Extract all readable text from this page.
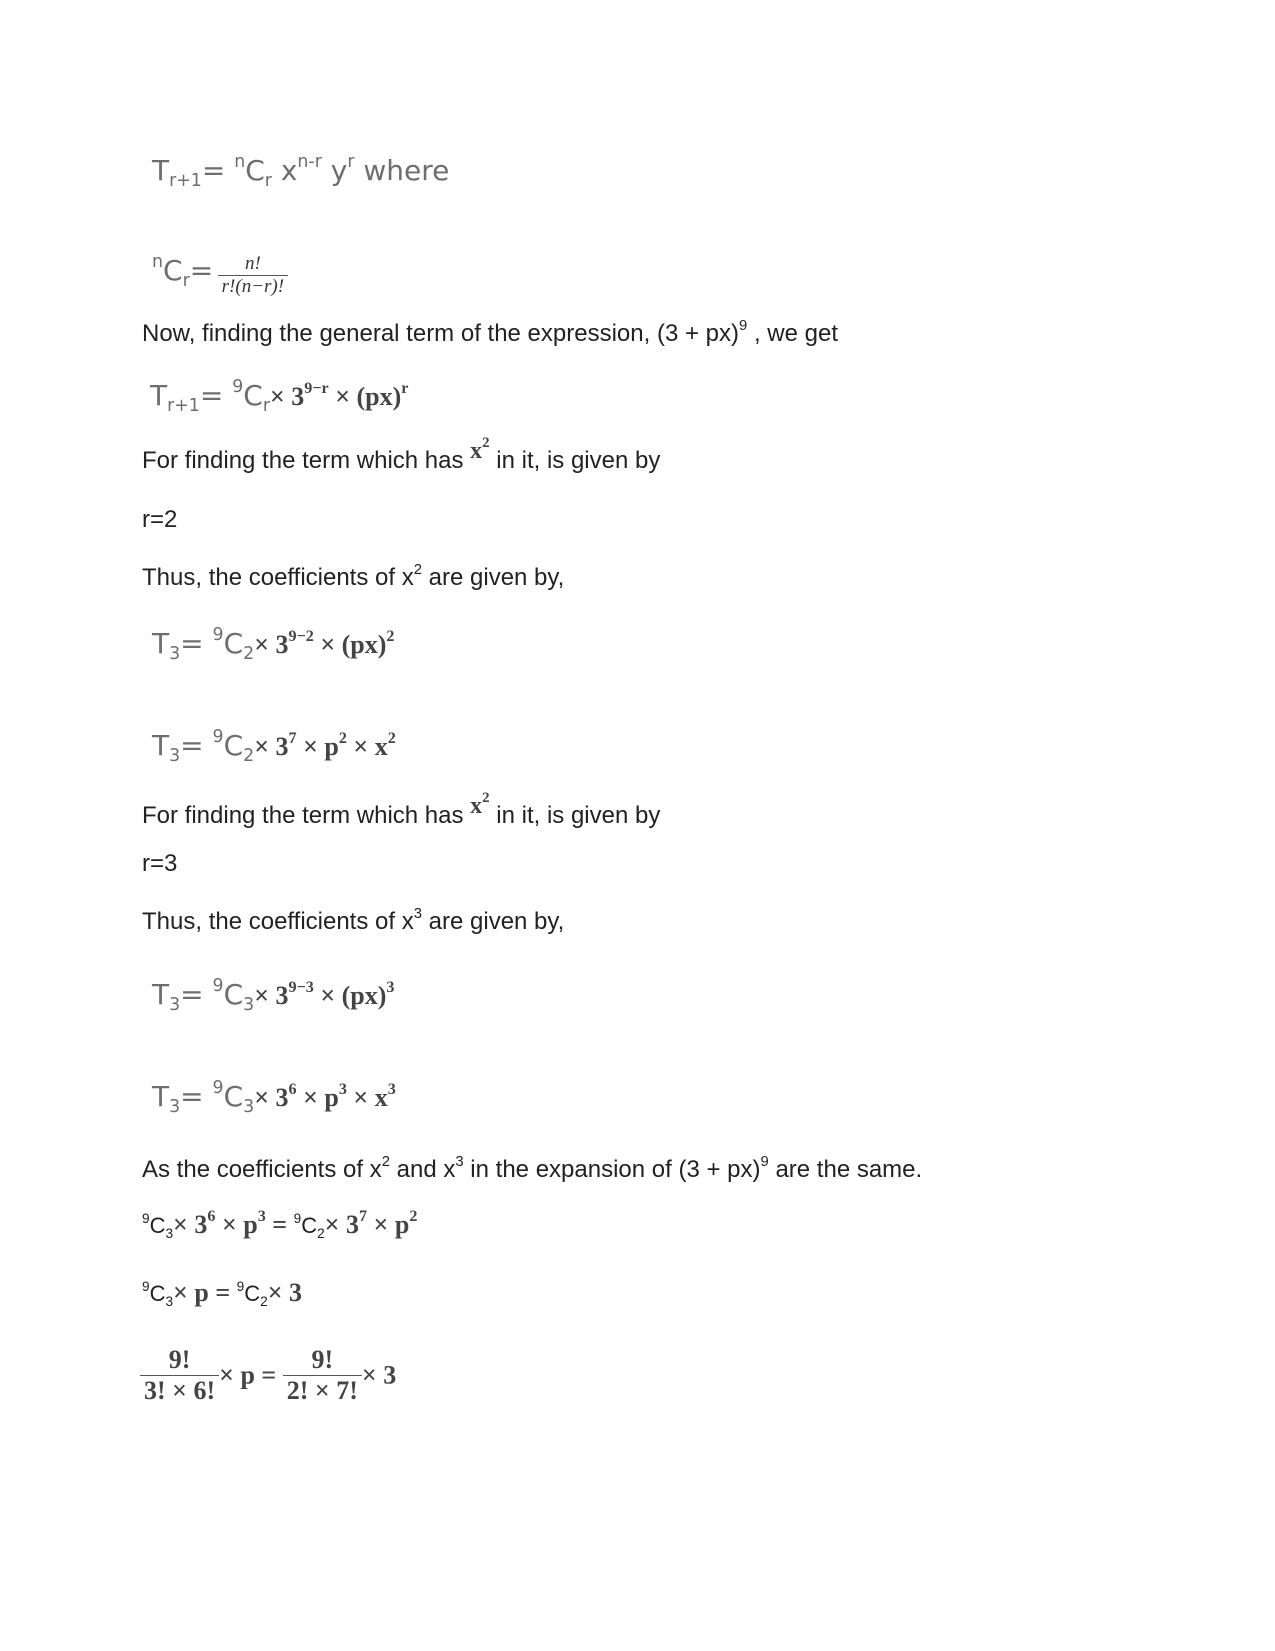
$T_{r+1}= ^nC_r$ $x^{n-r}$ $y^r$ where
$^nC_r= \frac{n!}{r!(n-r)!}$
Now, finding the general term of the expression, (3 + px)$^9$ , we get
$T_{r+1}= ^9C_r\times 3^{9-r} \times (px)^r$
For finding the term which has $x^2$ in it, is given by
r=2
Thus, the coefficients of $x^2$ are given by,
$T_3= ^9C_2\times 3^{9-2} \times (px)^2$
$T_3= ^9C_2\times 3^7 \times p^2 \times x^2$
For finding the term which has $x^2$ in it, is given by
r=3
Thus, the coefficients of $x^3$ are given by,
$T_3= ^9C_3\times 3^{9-3} \times (px)^3$
$T_3= ^9C_3\times 3^6 \times p^3 \times x^3$
As the coefficients of $x^2$ and $x^3$ in the expansion of (3 + px)$^9$ are the same.
$^9C_3\times 3^6 \times p^3 = ^9C_2\times 3^7 \times p^2$
$^9C_3\times p = ^9C_2\times 3$
$\frac{9!}{3! \times 6!} \times p = \frac{9!}{2! \times 7!} \times 3$
